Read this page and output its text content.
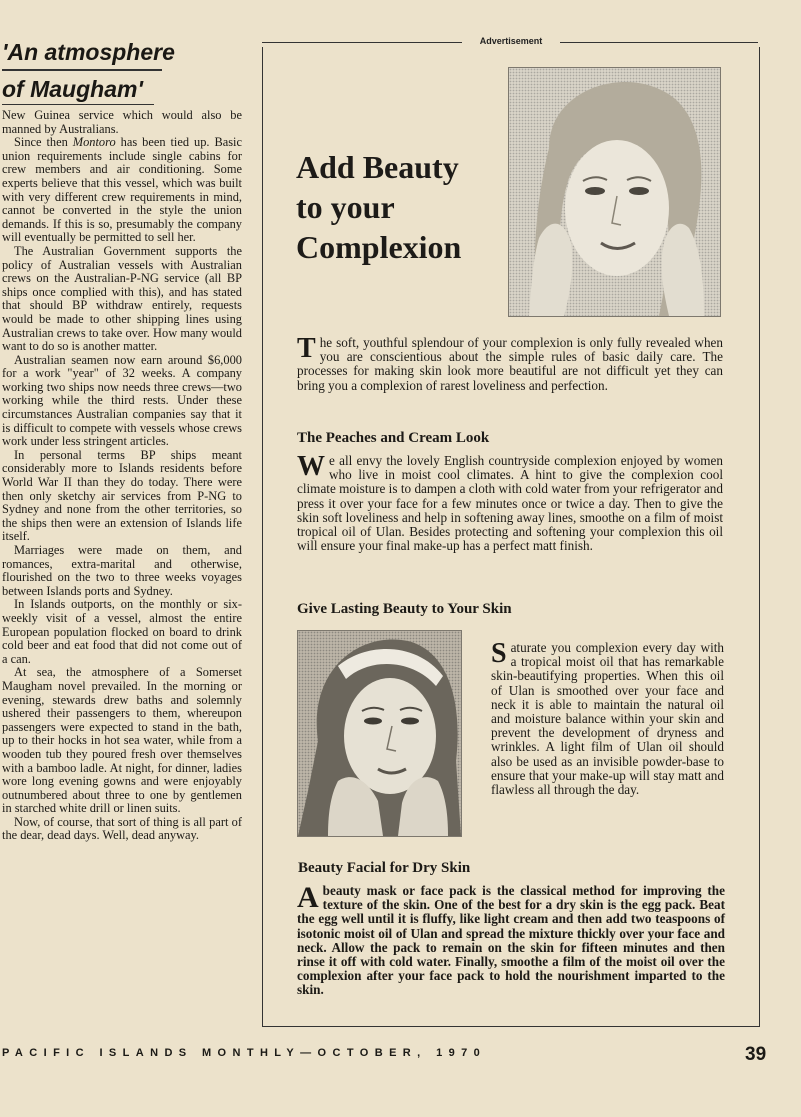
'An atmosphere
of Maugham'

New Guinea service which would also be manned by Australians.

Since then Montoro has been tied up. Basic union requirements include single cabins for crew members and air conditioning. Some experts believe that this vessel, which was built with very different crew requirements in mind, cannot be converted in the style the union demands. If this is so, presumably the company will eventually be permitted to sell her.

The Australian Government supports the policy of Australian vessels with Australian crews on the Australian-P-NG service (all BP ships once complied with this), and has stated that should BP withdraw entirely, requests would be made to other shipping lines using Australian crews to take over. How many would want to do so is another matter.

Australian seamen now earn around $6,000 for a work "year" of 32 weeks. A company working two ships now needs three crews—two working while the third rests. Under these circumstances Australian companies say that it is difficult to compete with vessels whose crews work under less stringent articles.

In personal terms BP ships meant considerably more to Islands residents before World War II than they do today. There were then only sketchy air services from P-NG to Sydney and none from the other territories, so the ships then were an extension of Islands life itself.

Marriages were made on them, and romances, extra-marital and otherwise, flourished on the two to three weeks voyages between Islands ports and Sydney.

In Islands outports, on the monthly or six-weekly visit of a vessel, almost the entire European population flocked on board to drink cold beer and eat food that did not come out of a can.

At sea, the atmosphere of a Somerset Maugham novel prevailed. In the morning or evening, stewards drew baths and solemnly ushered their passengers to them, whereupon passengers were expected to stand in the bath, up to their hocks in hot sea water, while from a wooden tub they poured fresh over themselves with a bamboo ladle. At night, for dinner, ladies wore long evening gowns and were enjoyably outnumbered about three to one by gentlemen in starched white drill or linen suits.

Now, of course, that sort of thing is all part of the dear, dead days. Well, dead anyway.

Advertisement
Add Beauty
to your
Complexion

The soft, youthful splendour of your complexion is only fully revealed when you are conscientious about the simple rules of basic daily care. The processes for making skin look more beautiful are not difficult yet they can bring you a complexion of rarest loveliness and perfection.

The Peaches and Cream Look

We all envy the lovely English countryside complexion enjoyed by women who live in moist cool climates. A hint to give the complexion cool climate moisture is to dampen a cloth with cold water from your refrigerator and press it over your face for a few minutes once or twice a day. Then to give the skin soft loveliness and help in softening away lines, smoothe on a film of moist tropical oil of Ulan. Besides protecting and softening your complexion this oil will ensure your final make-up has a perfect matt finish.

Give Lasting Beauty to Your Skin

Saturate you complexion every day with a tropical moist oil that has remarkable skin-beautifying properties. When this oil of Ulan is smoothed over your face and neck it is able to maintain the natural oil and moisture balance within your skin and prevent the development of dryness and wrinkles. A light film of Ulan oil should also be used as an invisible powder-base to ensure that your make-up will stay matt and flawless all through the day.

Beauty Facial for Dry Skin

Abeauty mask or face pack is the classical method for improving the texture of the skin. One of the best for a dry skin is the egg pack. Beat the egg well until it is fluffy, like light cream and then add two teaspoons of isotonic moist oil of Ulan and spread the mixture thickly over your face and neck. Allow the pack to remain on the skin for fifteen minutes and then rinse it off with cold water. Finally, smoothe a film of the moist oil over the complexion after your face pack to hold the nourishment imparted to the skin.

PACIFIC ISLANDS MONTHLY—OCTOBER, 1970	39
